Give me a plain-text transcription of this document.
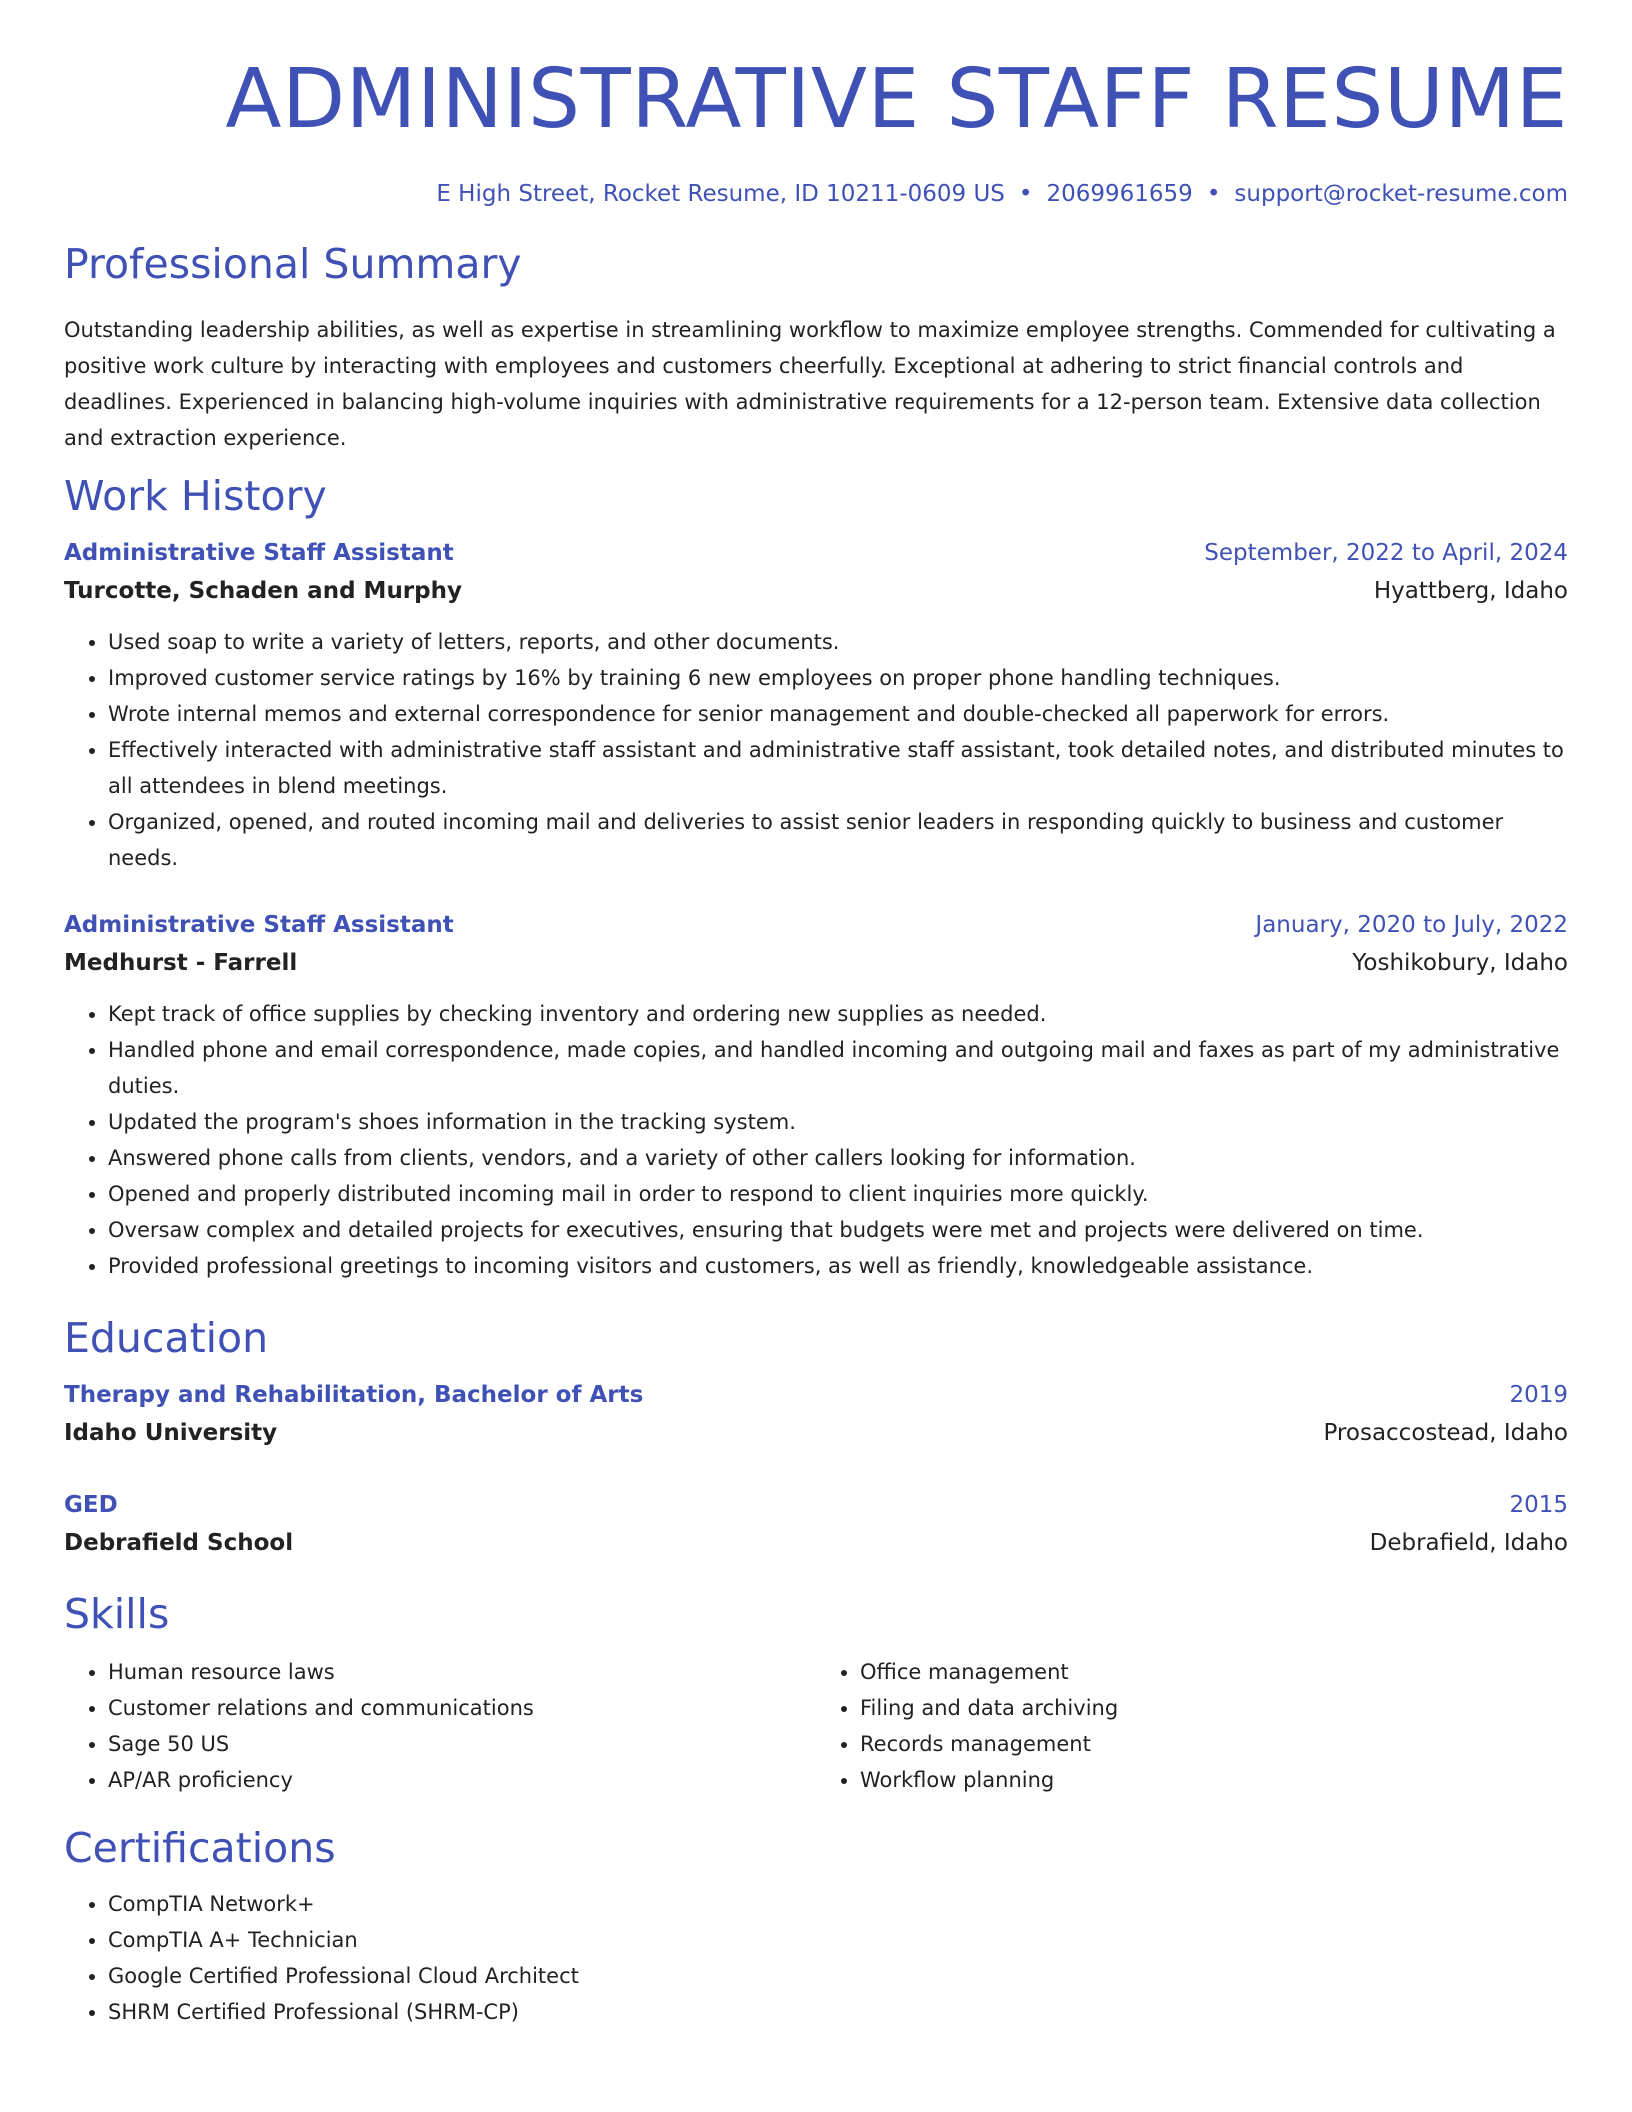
ADMINISTRATIVE STAFF RESUME
E High Street, Rocket Resume, ID 10211-0609 US • 2069961659 • support@rocket-resume.com
Professional Summary

Outstanding leadership abilities, as well as expertise in streamlining workflow to maximize employee strengths. Commended for cultivating a positive work culture by interacting with employees and customers cheerfully. Exceptional at adhering to strict financial controls and deadlines. Experienced in balancing high-volume inquiries with administrative requirements for a 12-person team. Extensive data collection and extraction experience.

Work History
Administrative Staff Assistant	September, 2022 to April, 2024
Turcotte, Schaden and Murphy	Hyattberg, Idaho
• Used soap to write a variety of letters, reports, and other documents.
• Improved customer service ratings by 16% by training 6 new employees on proper phone handling techniques.
• Wrote internal memos and external correspondence for senior management and double-checked all paperwork for errors.
• Effectively interacted with administrative staff assistant and administrative staff assistant, took detailed notes, and distributed minutes to all attendees in blend meetings.
• Organized, opened, and routed incoming mail and deliveries to assist senior leaders in responding quickly to business and customer needs.
Administrative Staff Assistant	January, 2020 to July, 2022
Medhurst - Farrell	Yoshikobury, Idaho
• Kept track of office supplies by checking inventory and ordering new supplies as needed.
• Handled phone and email correspondence, made copies, and handled incoming and outgoing mail and faxes as part of my administrative duties.
• Updated the program's shoes information in the tracking system.
• Answered phone calls from clients, vendors, and a variety of other callers looking for information.
• Opened and properly distributed incoming mail in order to respond to client inquiries more quickly.
• Oversaw complex and detailed projects for executives, ensuring that budgets were met and projects were delivered on time.
• Provided professional greetings to incoming visitors and customers, as well as friendly, knowledgeable assistance.
Education
Therapy and Rehabilitation, Bachelor of Arts	2019
Idaho University	Prosaccostead, Idaho
GED	2015
Debrafield School	Debrafield, Idaho
Skills
• Human resource laws
• Customer relations and communications
• Sage 50 US
• AP/AR proficiency
• Office management
• Filing and data archiving
• Records management
• Workflow planning
Certifications
• CompTIA Network+
• CompTIA A+ Technician
• Google Certified Professional Cloud Architect
• SHRM Certified Professional (SHRM-CP)
